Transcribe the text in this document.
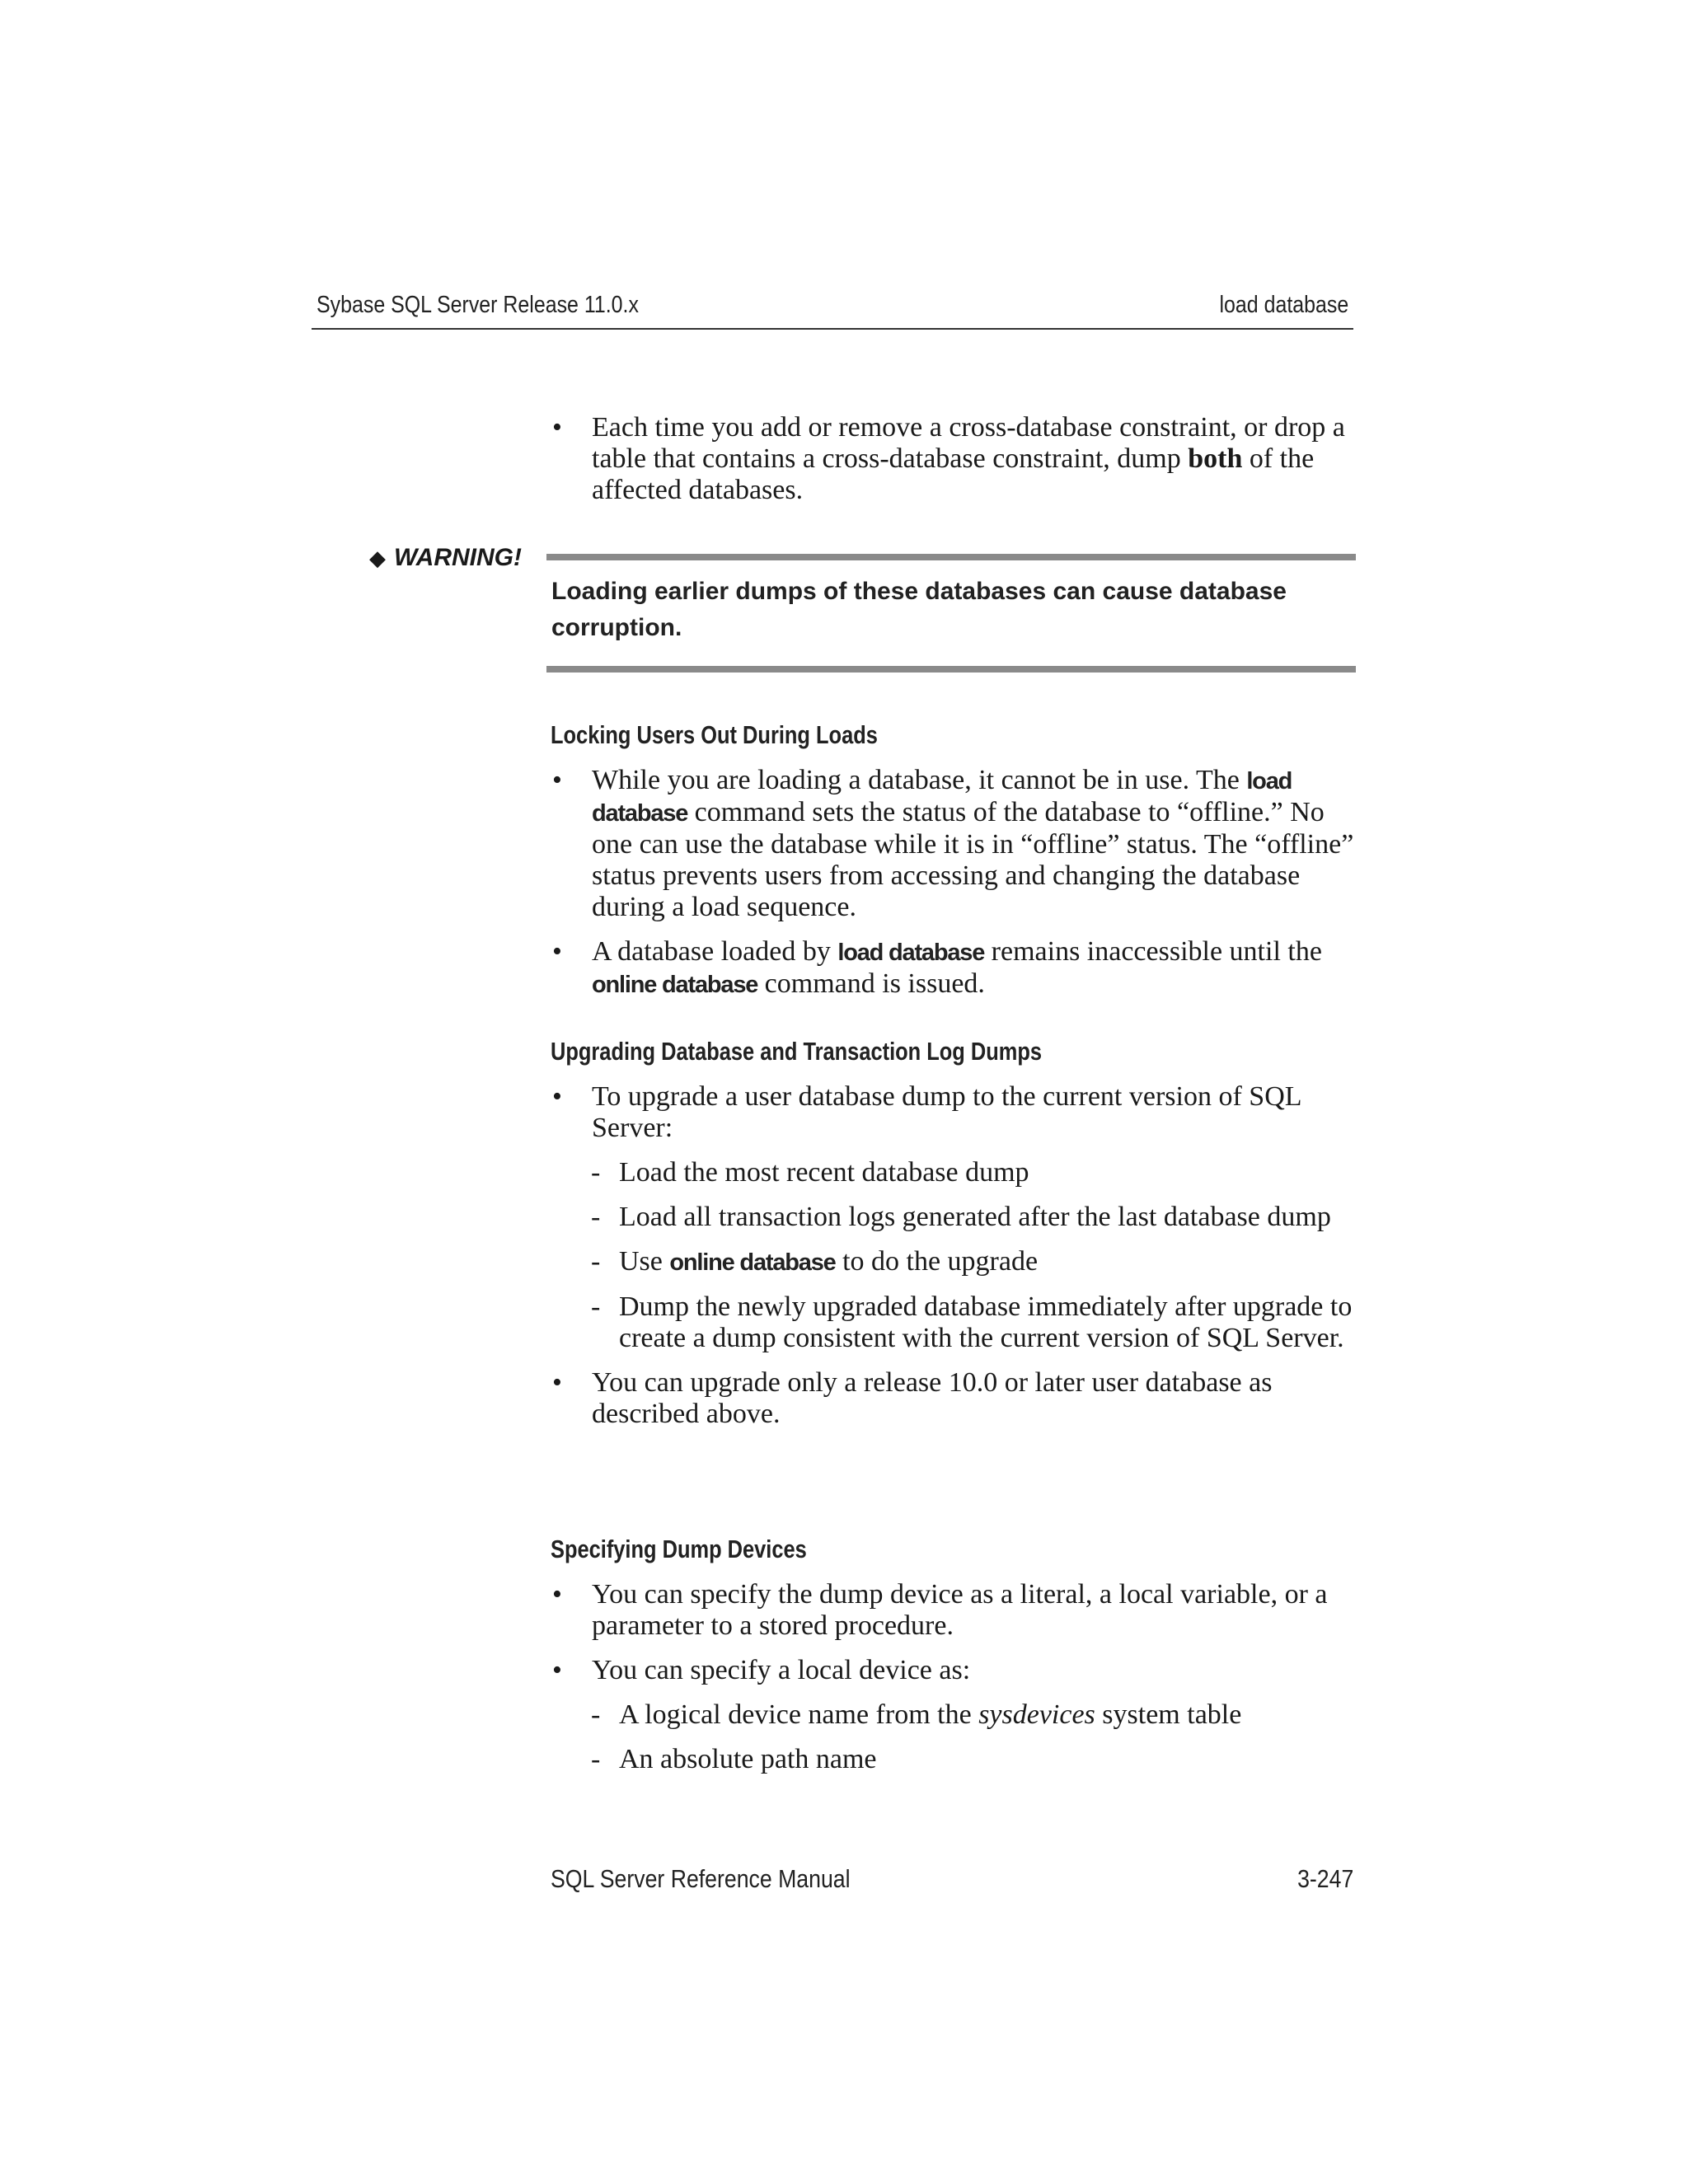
Sybase SQL Server Release 11.0.x	load database
• Each time you add or remove a cross-database constraint, or drop a table that contains a cross-database constraint, dump both of the affected databases.
◆ WARNING!
Loading earlier dumps of these databases can cause database corruption.
Locking Users Out During Loads
• While you are loading a database, it cannot be in use. The load database command sets the status of the database to “offline.” No one can use the database while it is in “offline” status. The “offline” status prevents users from accessing and changing the database during a load sequence.
• A database loaded by load database remains inaccessible until the online database command is issued.
Upgrading Database and Transaction Log Dumps
• To upgrade a user database dump to the current version of SQL Server:
- Load the most recent database dump
- Load all transaction logs generated after the last database dump
- Use online database to do the upgrade
- Dump the newly upgraded database immediately after upgrade to create a dump consistent with the current version of SQL Server.
• You can upgrade only a release 10.0 or later user database as described above.
Specifying Dump Devices
• You can specify the dump device as a literal, a local variable, or a parameter to a stored procedure.
• You can specify a local device as:
- A logical device name from the sysdevices system table
- An absolute path name
SQL Server Reference Manual	3-247
